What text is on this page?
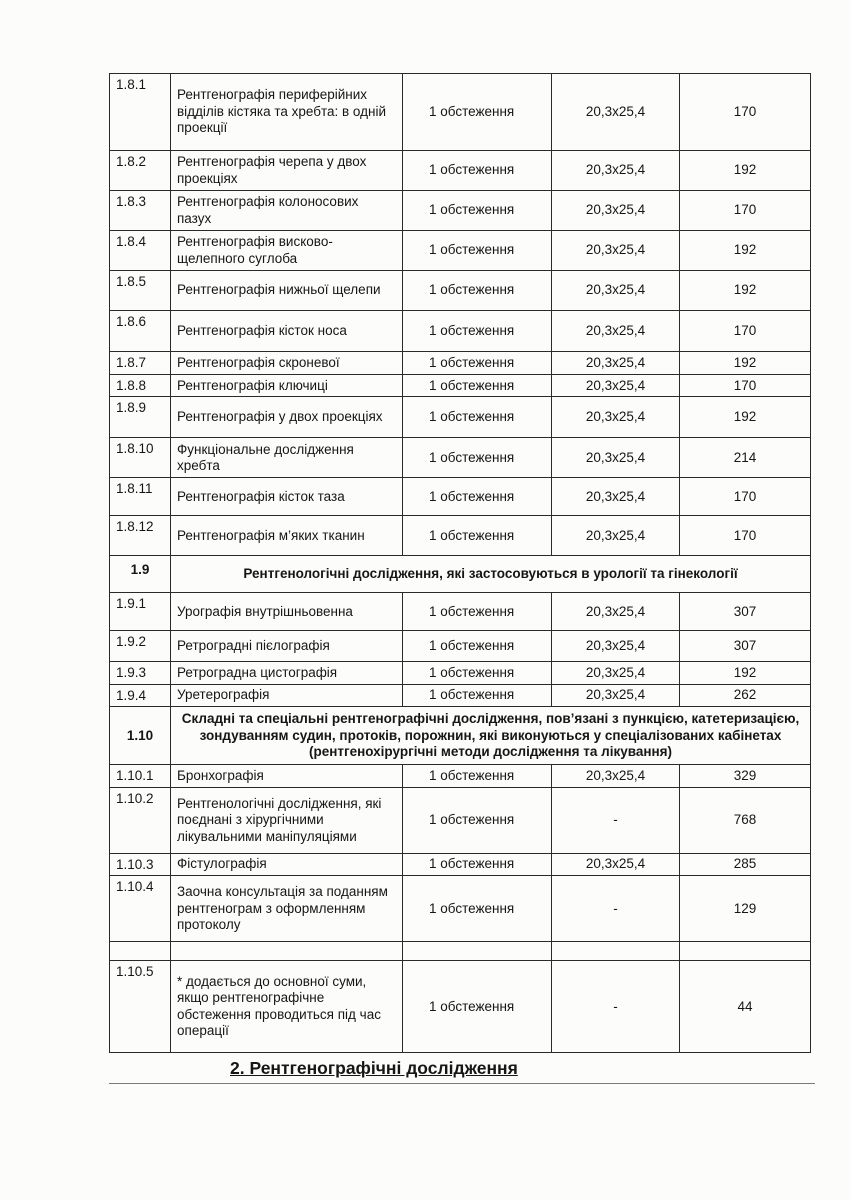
1.8.1	Рентгенографія периферійних відділів кістяка та хребта: в одній проекції	1 обстеження	20,3x25,4	170
1.8.2	Рентгенографія черепа у двох проекціях	1 обстеження	20,3x25,4	192
1.8.3	Рентгенографія колоносових пазух	1 обстеження	20,3x25,4	170
1.8.4	Рентгенографія висково-щелепного суглоба	1 обстеження	20,3x25,4	192
1.8.5	Рентгенографія нижньої щелепи	1 обстеження	20,3x25,4	192
1.8.6	Рентгенографія кісток носа	1 обстеження	20,3x25,4	170
1.8.7	Рентгенографія скроневої	1 обстеження	20,3x25,4	192
1.8.8	Рентгенографія ключиці	1 обстеження	20,3x25,4	170
1.8.9	Рентгенографія у двох проекціях	1 обстеження	20,3x25,4	192
1.8.10	Функціональне дослідження хребта	1 обстеження	20,3x25,4	214
1.8.11	Рентгенографія кісток таза	1 обстеження	20,3x25,4	170
1.8.12	Рентгенографія м’яких тканин	1 обстеження	20,3x25,4	170
1.9	Рентгенологічні дослідження, які застосовуються в урології та гінекології			
1.9.1	Урографія внутрішньовенна	1 обстеження	20,3x25,4	307
1.9.2	Ретроградні пієлографія	1 обстеження	20,3x25,4	307
1.9.3	Ретроградна цистографія	1 обстеження	20,3x25,4	192
1.9.4	Уретерографія	1 обстеження	20,3x25,4	262
1.10	Складні та спеціальні рентгенографічні дослідження, пов’язані з пункцією, катетеризацією, зондуванням судин, протоків, порожнин, які виконуються у спеціалізованих кабінетах (рентгенохірургічні методи дослідження та лікування)			
1.10.1	Бронхографія	1 обстеження	20,3x25,4	329
1.10.2	Рентгенологічні дослідження, які поєднані з хірургічними лікувальними маніпуляціями	1 обстеження	-	768
1.10.3	Фістулографія	1 обстеження	20,3x25,4	285
1.10.4	Заочна консультація за поданням рентгенограм з оформленням протоколу	1 обстеження	-	129

1.10.5	* додається до основної суми, якщо рентгенографічне обстеження проводиться під час операції	1 обстеження	-	44
2. Рентгенографічні дослідження
